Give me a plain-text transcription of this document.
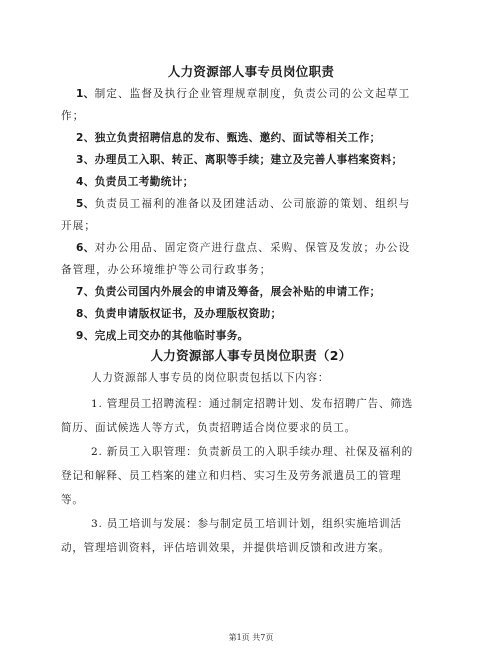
人力资源部人事专员岗位职责
1、制定、监督及执行企业管理规章制度，负责公司的公文起草工
作；
2、独立负责招聘信息的发布、甄选、邀约、面试等相关工作；
3、办理员工入职、转正、离职等手续；建立及完善人事档案资料；
4、负责员工考勤统计；
5、负责员工福利的准备以及团建活动、公司旅游的策划、组织与
开展；
6、对办公用品、固定资产进行盘点、采购、保管及发放；办公设
备管理，办公环境维护等公司行政事务；
7、负责公司国内外展会的申请及筹备，展会补贴的申请工作；
8、负责申请版权证书，及办理版权资助；
9、完成上司交办的其他临时事务。
人力资源部人事专员岗位职责（2）
人力资源部人事专员的岗位职责包括以下内容：
1. 管理员工招聘流程：通过制定招聘计划、发布招聘广告、筛选
简历、面试候选人等方式，负责招聘适合岗位要求的员工。
2. 新员工入职管理：负责新员工的入职手续办理、社保及福利的
登记和解释、员工档案的建立和归档、实习生及劳务派遣员工的管理
等。
3. 员工培训与发展：参与制定员工培训计划，组织实施培训活
动，管理培训资料，评估培训效果，并提供培训反馈和改进方案。
第1页 共7页
